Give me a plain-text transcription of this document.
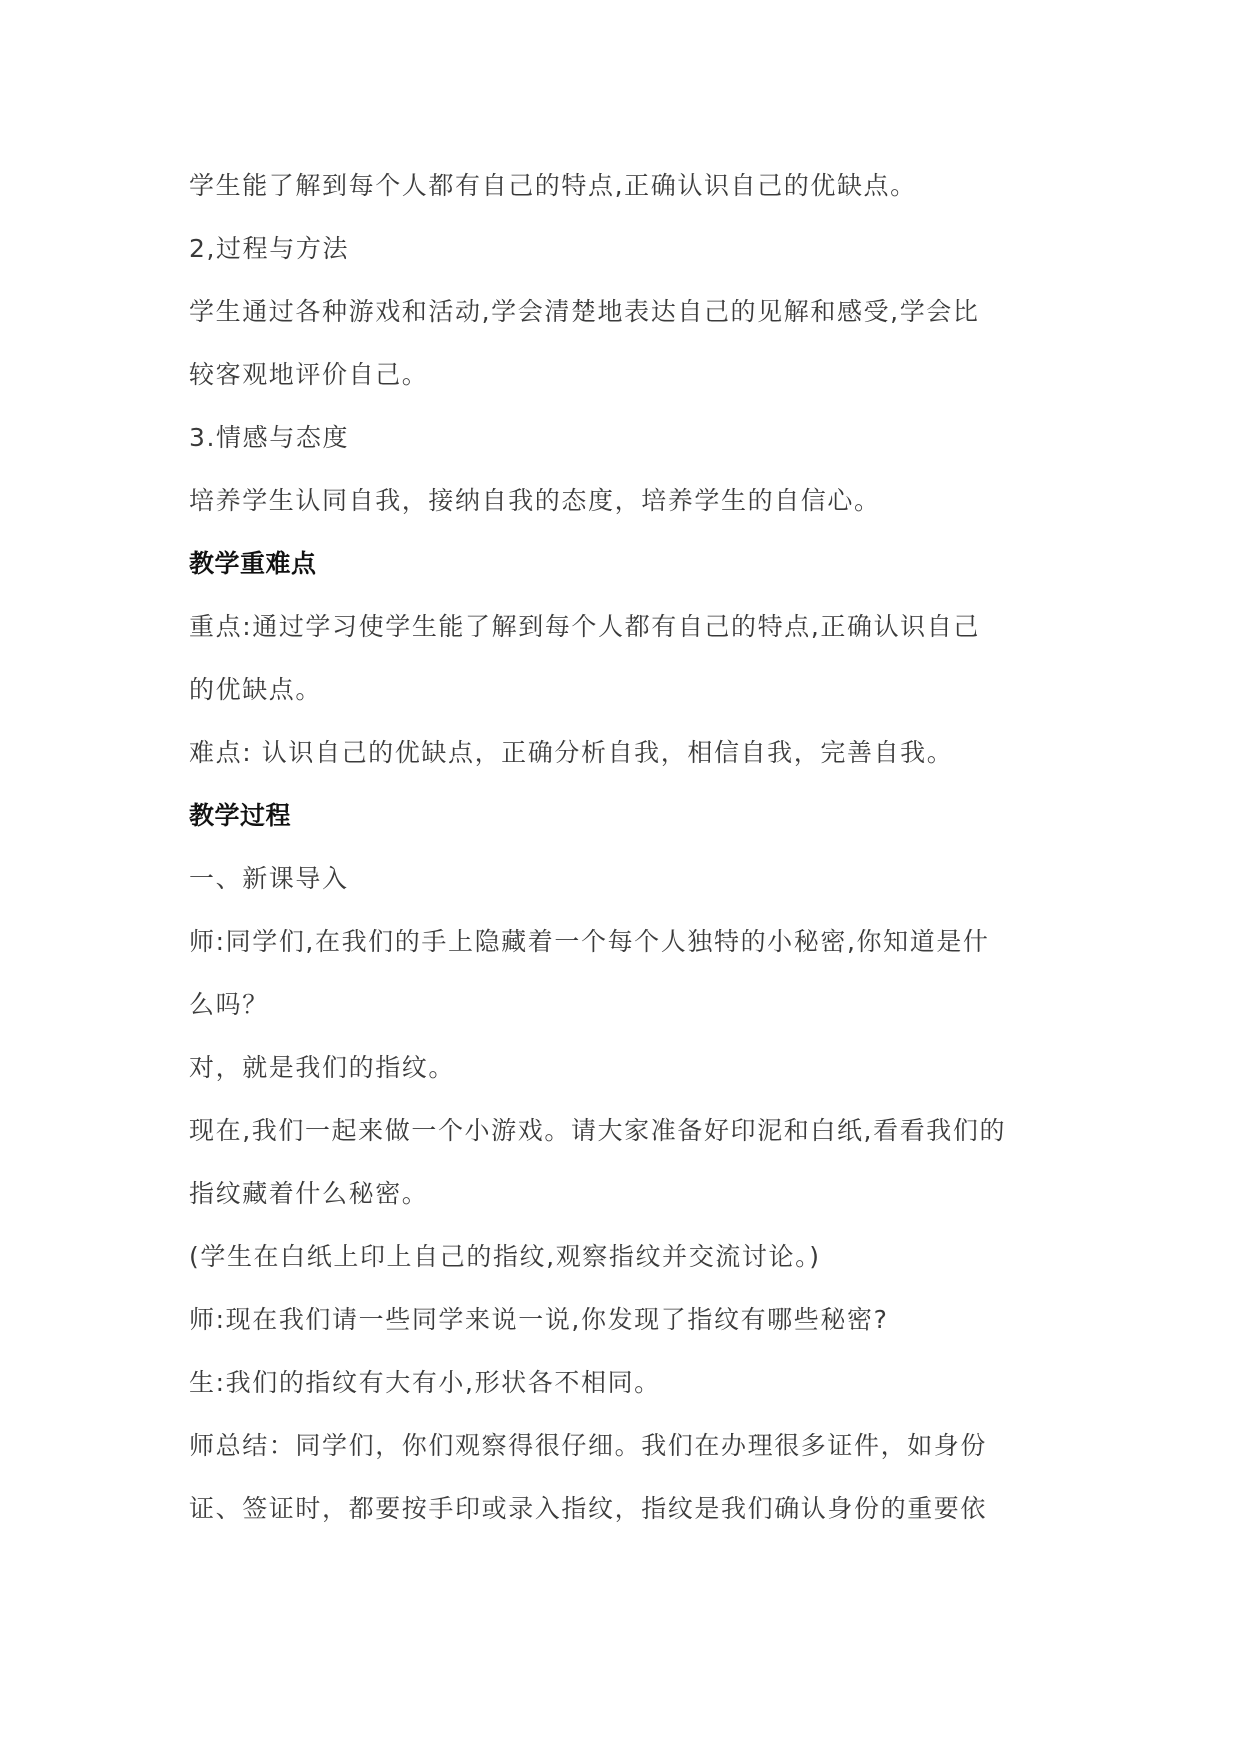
学生能了解到每个人都有自己的特点,正确认识自己的优缺点。
2,过程与方法
学生通过各种游戏和活动,学会清楚地表达自己的见解和感受,学会比
较客观地评价自己。
3.情感与态度
培养学生认同自我，接纳自我的态度，培养学生的自信心。
教学重难点
重点:通过学习使学生能了解到每个人都有自己的特点,正确认识自己
的优缺点。
难点: 认识自己的优缺点，正确分析自我，相信自我，完善自我。
教学过程
一、新课导入
师:同学们,在我们的手上隐藏着一个每个人独特的小秘密,你知道是什
么吗？
对，就是我们的指纹。
现在,我们一起来做一个小游戏。请大家准备好印泥和白纸,看看我们的
指纹藏着什么秘密。
(学生在白纸上印上自己的指纹,观察指纹并交流讨论。)
师:现在我们请一些同学来说一说,你发现了指纹有哪些秘密?
生:我们的指纹有大有小,形状各不相同。
师总结：同学们，你们观察得很仔细。我们在办理很多证件，如身份
证、签证时，都要按手印或录入指纹，指纹是我们确认身份的重要依
